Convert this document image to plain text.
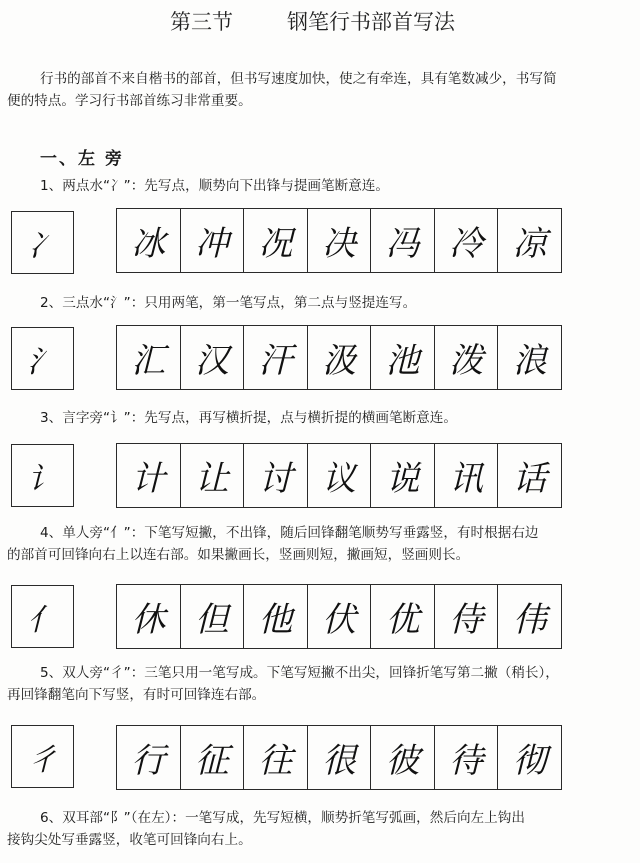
第三节	钢笔行书部首写法
行书的部首不来自楷书的部首，但书写速度加快，使之有牵连，具有笔数减少，书写简
便的特点。学习行书部首练习非常重要。
一、左 旁
1、两点水“冫”：先写点，顺势向下出锋与提画笔断意连。
冫	冰 冲 况 决 冯 冷 凉
2、三点水“氵”：只用两笔，第一笔写点，第二点与竖提连写。
氵	汇 汉 汗 汲 池 泼 浪
3、言字旁“讠”：先写点，再写横折提，点与横折提的横画笔断意连。
讠	计 让 讨 议 说 讯 话
4、单人旁“亻”：下笔写短撇，不出锋，随后回锋翻笔顺势写垂露竖，有时根据右边
的部首可回锋向右上以连右部。如果撇画长，竖画则短，撇画短，竖画则长。
亻	休 但 他 伏 优 侍 伟
5、双人旁“彳”：三笔只用一笔写成。下笔写短撇不出尖，回锋折笔写第二撇（稍长），
再回锋翻笔向下写竖，有时可回锋连右部。
彳	行 征 往 很 彼 待 彻
6、双耳部“阝”（在左）：一笔写成，先写短横，顺势折笔写弧画，然后向左上钩出
接钩尖处写垂露竖，收笔可回锋向右上。
